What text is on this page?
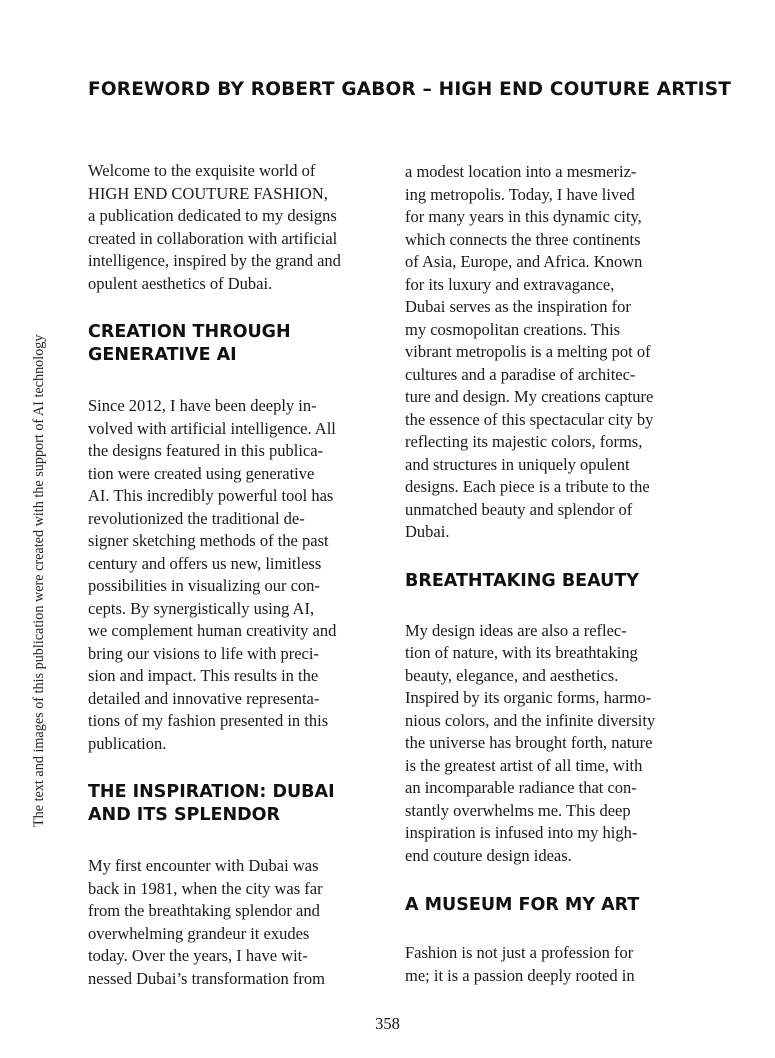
FOREWORD BY ROBERT GABOR – HIGH END COUTURE ARTIST
The text and images of this publication were created with the support of AI technology
Welcome to the exquisite world of
HIGH END COUTURE FASHION,
a publication dedicated to my designs
created in collaboration with artificial
intelligence, inspired by the grand and
opulent aesthetics of Dubai.
CREATION THROUGH
GENERATIVE AI
Since 2012, I have been deeply in-
volved with artificial intelligence. All
the designs featured in this publica-
tion were created using generative
AI. This incredibly powerful tool has
revolutionized the traditional de-
signer sketching methods of the past
century and offers us new, limitless
possibilities in visualizing our con-
cepts. By synergistically using AI,
we complement human creativity and
bring our visions to life with preci-
sion and impact. This results in the
detailed and innovative representa-
tions of my fashion presented in this
publication.
THE INSPIRATION: DUBAI
AND ITS SPLENDOR
My first encounter with Dubai was
back in 1981, when the city was far
from the breathtaking splendor and
overwhelming grandeur it exudes
today. Over the years, I have wit-
nessed Dubai’s transformation from
a modest location into a mesmeriz-
ing metropolis. Today, I have lived
for many years in this dynamic city,
which connects the three continents
of Asia, Europe, and Africa. Known
for its luxury and extravagance,
Dubai serves as the inspiration for
my cosmopolitan creations. This
vibrant metropolis is a melting pot of
cultures and a paradise of architec-
ture and design. My creations capture
the essence of this spectacular city by
reflecting its majestic colors, forms,
and structures in uniquely opulent
designs. Each piece is a tribute to the
unmatched beauty and splendor of
Dubai.
BREATHTAKING BEAUTY
My design ideas are also a reflec-
tion of nature, with its breathtaking
beauty, elegance, and aesthetics.
Inspired by its organic forms, harmo-
nious colors, and the infinite diversity
the universe has brought forth, nature
is the greatest artist of all time, with
an incomparable radiance that con-
stantly overwhelms me. This deep
inspiration is infused into my high-
end couture design ideas.
A MUSEUM FOR MY ART
Fashion is not just a profession for
me; it is a passion deeply rooted in
358
